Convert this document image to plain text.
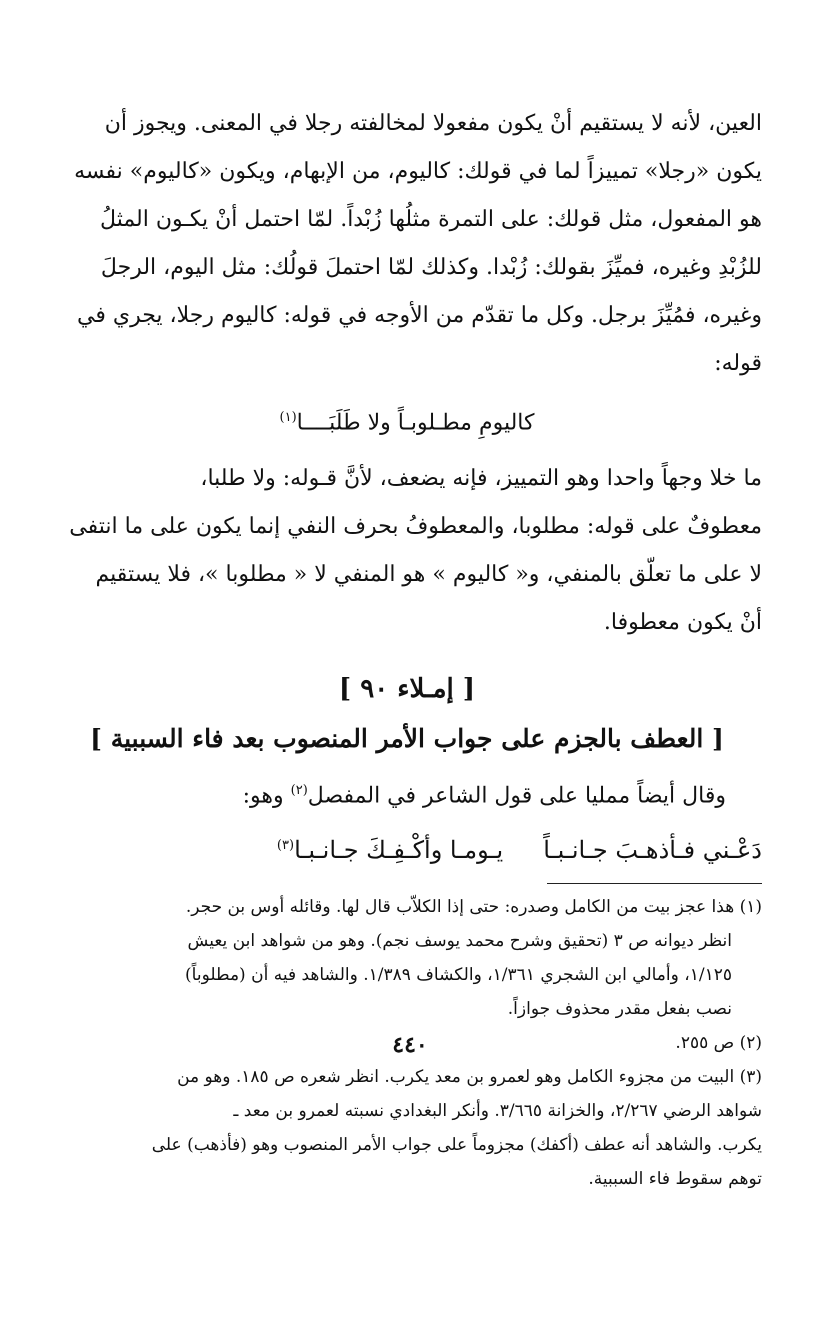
العين، لأنه لا يستقيم أنْ يكون مفعولا لمخالفته رجلا في المعنى. ويجوز أن
يكون «رجلا» تمييزاً لما في قولك: كاليوم، من الإبهام، ويكون «كاليوم» نفسه
هو المفعول، مثل قولك: على التمرة مثلُها زُبْداً. لمّا احتمل أنْ يكـون المثلُ
للزُبْدِ وغيره، فميِّزَ بقولك: زُبْدا. وكذلك لمّا احتملَ قولُك: مثل اليوم، الرجلَ
وغيره، فمُيِّزَ برجل. وكل ما تقدّم من الأوجه في قوله: كاليوم رجلا، يجري في
قوله:

كاليومِ مطـلوبـاً ولا طَلَبَــــا$^{(١)}$

ما خلا وجهاً واحدا وهو التمييز، فإنه يضعف، لأنَّ قـوله: ولا طلبا،
معطوفٌ على قوله: مطلوبا، والمعطوفُ بحرف النفي إنما يكون على ما انتفى
لا على ما تعلّق بالمنفي، و« كاليوم » هو المنفي لا « مطلوبا »، فلا يستقيم
أنْ يكون معطوفا.

[ إمـلاء ٩٠ ]
[ العطف بالجزم على جواب الأمر المنصوب بعد فاء السببية ]
وقال أيضاً ممليا على قول الشاعر في المفصل$^{(٢)}$ وهو:
دَعْـني فـأذهـبَ جـانـبـاًيـومـا وأكْـفِـكَ جـانـبـا$^{(٣)}$
(١) هذا عجز بيت من الكامل وصدره: حتى إذا الكلاّب قال لها. وقائله أوس بن حجر.
انظر ديوانه ص ٣ (تحقيق وشرح محمد يوسف نجم). وهو من شواهد ابن يعيش
١/١٢٥، وأمالي ابن الشجري ١/٣٦١، والكشاف ١/٣٨٩. والشاهد فيه أن (مطلوباً)
نصب بفعل مقدر محذوف جوازاً.
(٢) ص ٢٥٥.
(٣) البيت من مجزوء الكامل وهو لعمرو بن معد يكرب. انظر شعره ص ١٨٥. وهو من
شواهد الرضي ٢/٢٦٧، والخزانة ٣/٦٦٥. وأنكر البغدادي نسبته لعمرو بن معد ـ
يكرب. والشاهد أنه عطف (أكفك) مجزوماً على جواب الأمر المنصوب وهو (فأذهب) على
توهم سقوط فاء السببية.
٤٤٠
